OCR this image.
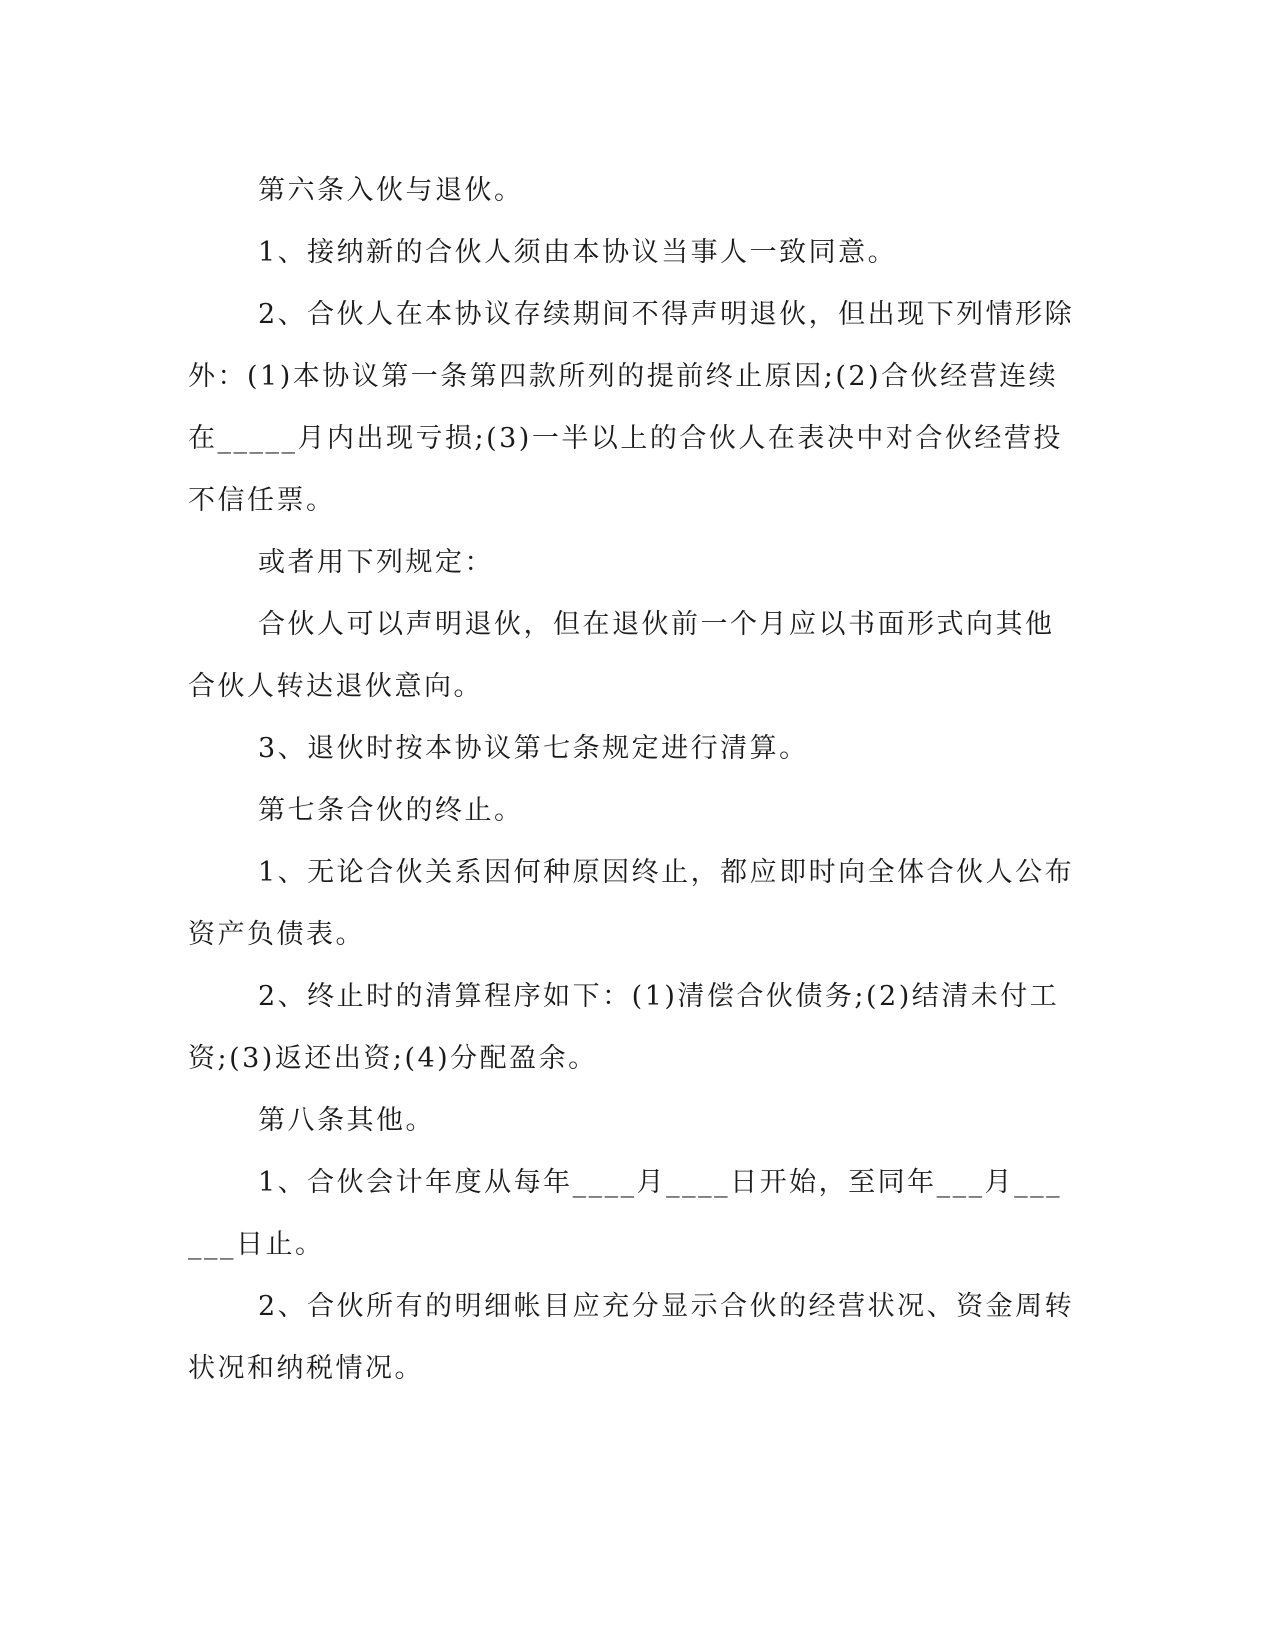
第六条入伙与退伙。

1、接纳新的合伙人须由本协议当事人一致同意。

2、合伙人在本协议存续期间不得声明退伙，但出现下列情形除外：(1)本协议第一条第四款所列的提前终止原因;(2)合伙经营连续在_____月内出现亏损;(3)一半以上的合伙人在表决中对合伙经营投不信任票。

或者用下列规定：

合伙人可以声明退伙，但在退伙前一个月应以书面形式向其他合伙人转达退伙意向。

3、退伙时按本协议第七条规定进行清算。

第七条合伙的终止。

1、无论合伙关系因何种原因终止，都应即时向全体合伙人公布资产负债表。

2、终止时的清算程序如下：(1)清偿合伙债务;(2)结清未付工资;(3)返还出资;(4)分配盈余。

第八条其他。

1、合伙会计年度从每年____月____日开始，至同年___月______日止。

2、合伙所有的明细帐目应充分显示合伙的经营状况、资金周转状况和纳税情况。
